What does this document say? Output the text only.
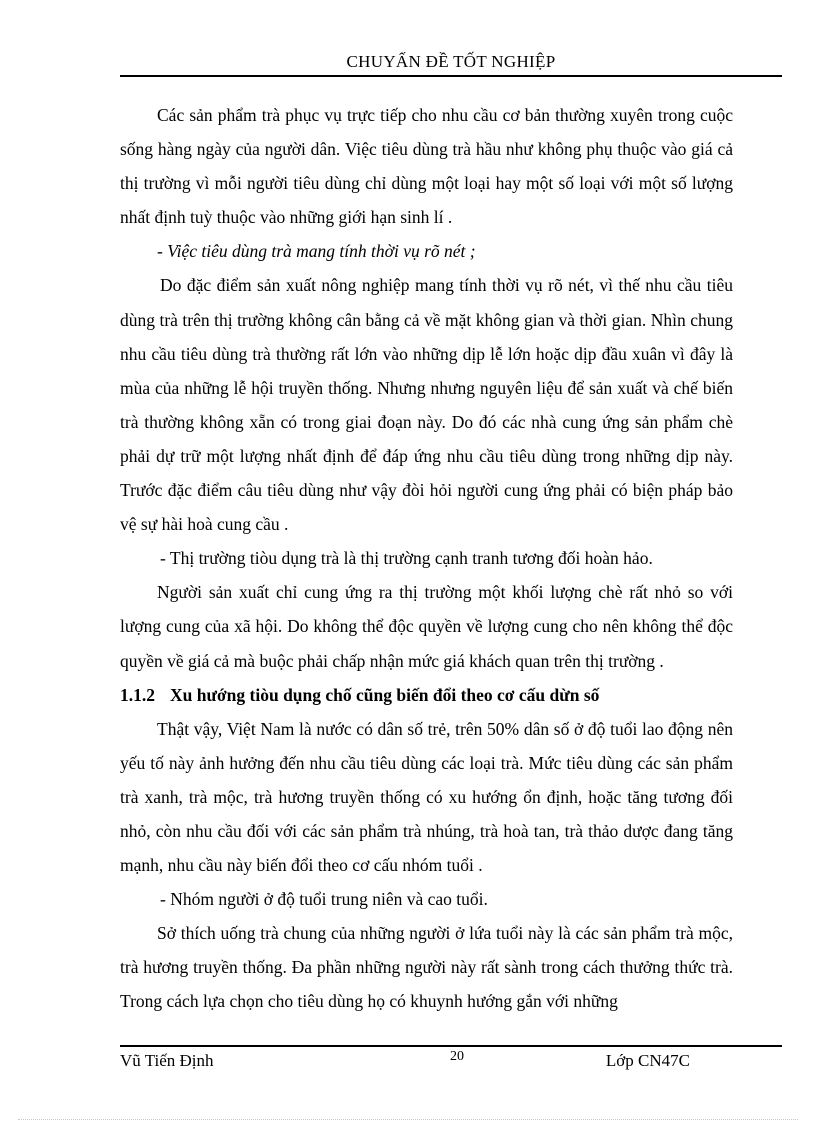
CHUYẤN ĐỀ TỐT NGHIỆP

Các sản phẩm trà phục vụ trực tiếp cho nhu cầu cơ bản thường xuyên trong cuộc sống hàng ngày của người dân. Việc tiêu dùng trà hầu như không phụ thuộc vào giá cả thị trường vì mỗi người tiêu dùng chỉ dùng một loại hay một số loại với một số lượng nhất định tuỳ thuộc vào những giới hạn sinh lí .

- Việc tiêu dùng trà mang tính thời vụ rõ nét ;

Do đặc điểm sản xuất nông nghiệp mang tính thời vụ rõ nét, vì thế nhu cầu tiêu dùng trà trên thị trường không cân bằng cả về mặt không gian và thời gian. Nhìn chung nhu cầu tiêu dùng trà thường rất lớn vào những dịp lễ lớn hoặc dịp đầu xuân vì đây là mùa của những lễ hội truyền thống. Nhưng nhưng nguyên liệu để sản xuất và chế biến trà thường không xẵn có trong giai đoạn này. Do đó các nhà cung ứng sản phẩm chè phải dự trữ một lượng nhất định để đáp ứng nhu cầu tiêu dùng trong những dịp này. Trước đặc điểm câu tiêu dùng như vậy đòi hỏi người cung ứng phải có biện pháp bảo vệ sự hài hoà cung cầu .

- Thị trường tiòu dụng trà là thị trường cạnh tranh tương đối hoàn hảo.

Người sản xuất chỉ cung ứng ra thị trường một khối lượng chè rất nhỏ so với lượng cung của xã hội. Do không thể độc quyền về lượng cung cho nên không thể độc quyền về giá cả mà buộc phải chấp nhận mức giá khách quan trên thị trường .

1.1.2 Xu hướng tiòu dụng chố cũng biến đổi theo cơ cấu dừn số

Thật vậy, Việt Nam là nước có dân số trẻ, trên 50% dân số ở độ tuổi lao động nên yếu tố này ảnh hưởng đến nhu cầu tiêu dùng các loại trà. Mức tiêu dùng các sản phẩm trà xanh, trà mộc, trà hương truyền thống có xu hướng ổn định, hoặc tăng tương đối nhỏ, còn nhu cầu đối với các sản phẩm trà nhúng, trà hoà tan, trà thảo dược đang tăng mạnh, nhu cầu này biến đổi theo cơ cấu nhóm tuổi .

- Nhóm người ở độ tuổi trung niên và cao tuổi.

Sở thích uống trà chung của những người ở lứa tuổi này là các sản phẩm trà mộc, trà hương truyền thống. Đa phần những người này rất sành trong cách thưởng thức trà. Trong cách lựa chọn cho tiêu dùng họ có khuynh hướng gắn với những

Vũ Tiến Định	20	Lớp CN47C
